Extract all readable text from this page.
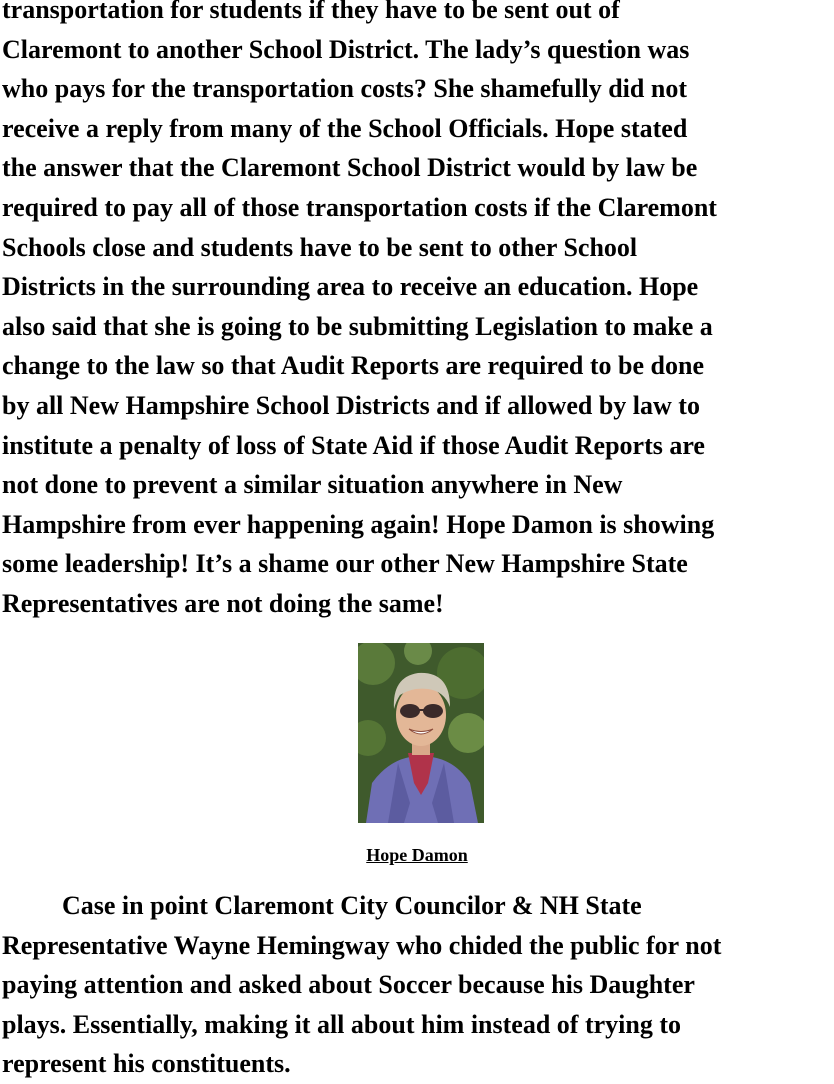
transportation for students if they have to be sent out of
Claremont to another School District. The lady’s question was
who pays for the transportation costs? She shamefully did not
receive a reply from many of the School Officials. Hope stated
the answer that the Claremont School District would by law be
required to pay all of those transportation costs if the Claremont
Schools close and students have to be sent to other School
Districts in the surrounding area to receive an education. Hope
also said that she is going to be submitting Legislation to make a
change to the law so that Audit Reports are required to be done
by all New Hampshire School Districts and if allowed by law to
institute a penalty of loss of State Aid if those Audit Reports are
not done to prevent a similar situation anywhere in New
Hampshire from ever happening again! Hope Damon is showing
some leadership! It’s a shame our other New Hampshire State
Representatives are not doing the same!
Hope Damon
Case in point Claremont City Councilor & NH State
Representative Wayne Hemingway who chided the public for not
paying attention and asked about Soccer because his Daughter
plays. Essentially, making it all about him instead of trying to
represent his constituents.
